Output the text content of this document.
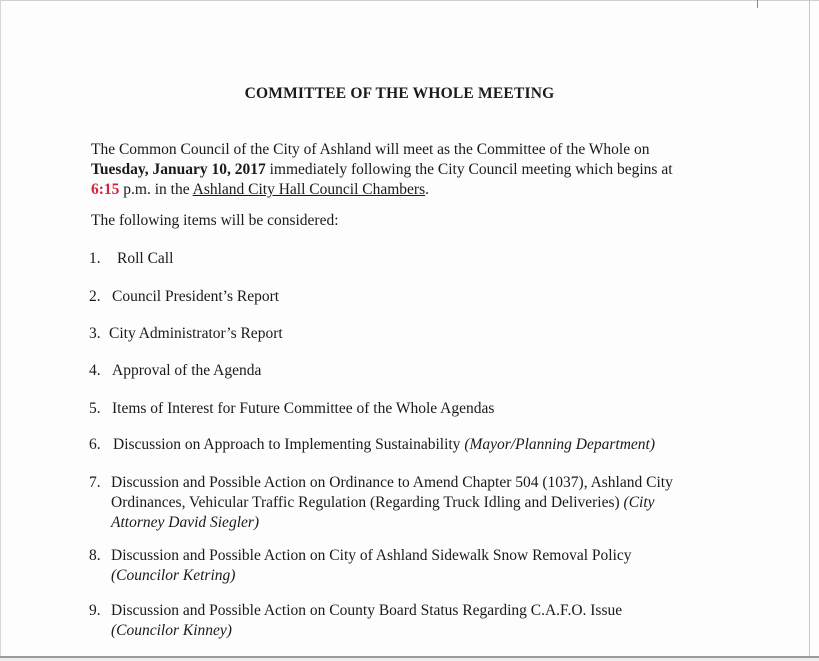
COMMITTEE OF THE WHOLE MEETING
The Common Council of the City of Ashland will meet as the Committee of the Whole on
Tuesday, January 10, 2017 immediately following the City Council meeting which begins at
6:15 p.m. in the Ashland City Hall Council Chambers.
The following items will be considered:
1. Roll Call
2. Council President’s Report
3. City Administrator’s Report
4. Approval of the Agenda
5. Items of Interest for Future Committee of the Whole Agendas
6. Discussion on Approach to Implementing Sustainability (Mayor/Planning Department)
7. Discussion and Possible Action on Ordinance to Amend Chapter 504 (1037), Ashland City Ordinances, Vehicular Traffic Regulation (Regarding Truck Idling and Deliveries) (City Attorney David Siegler)
8. Discussion and Possible Action on City of Ashland Sidewalk Snow Removal Policy (Councilor Ketring)
9. Discussion and Possible Action on County Board Status Regarding C.A.F.O. Issue (Councilor Kinney)
